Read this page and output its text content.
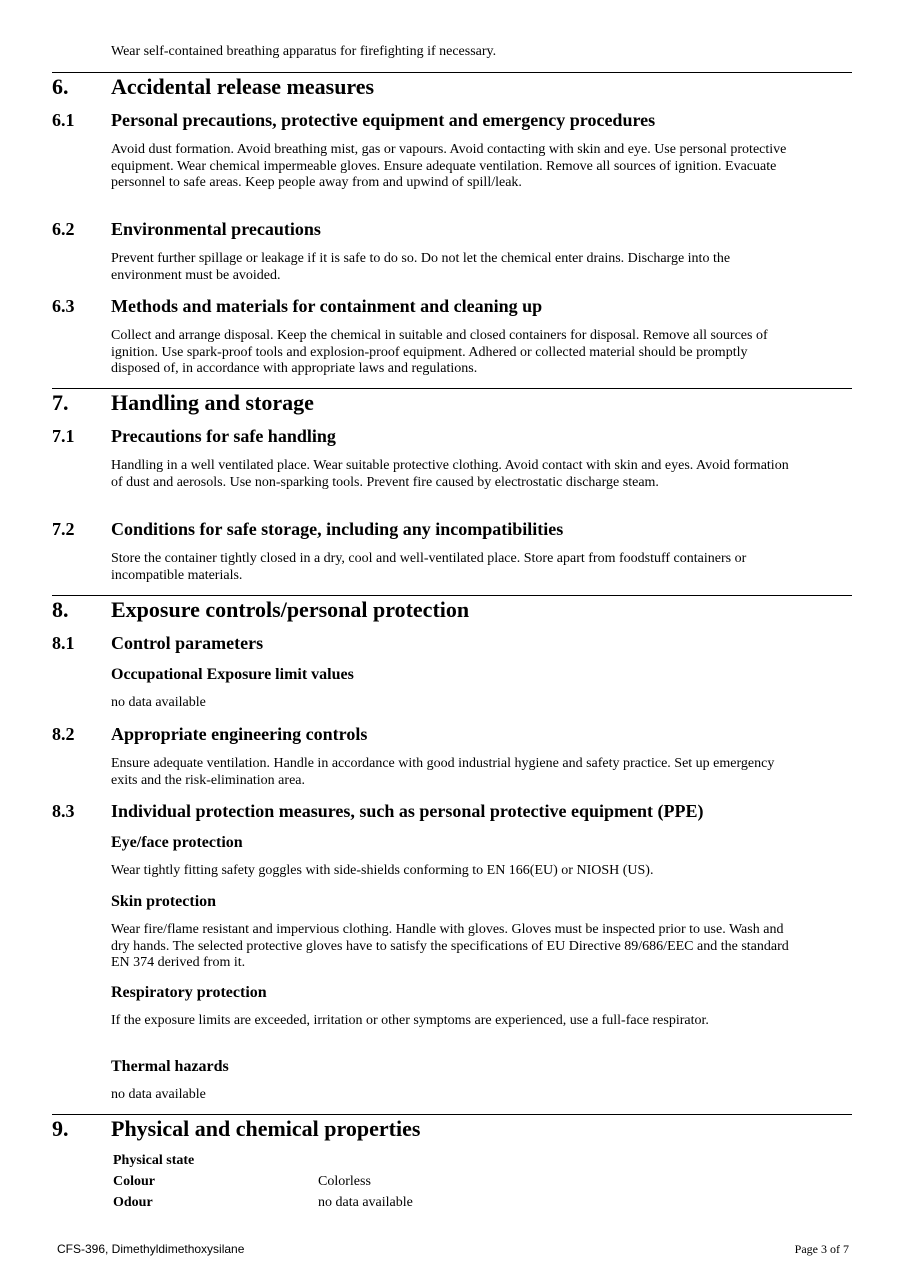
Wear self-contained breathing apparatus for firefighting if necessary.
6. Accidental release measures
6.1 Personal precautions, protective equipment and emergency procedures

Avoid dust formation. Avoid breathing mist, gas or vapours. Avoid contacting with skin and eye. Use personal protective equipment. Wear chemical impermeable gloves. Ensure adequate ventilation. Remove all sources of ignition. Evacuate personnel to safe areas. Keep people away from and upwind of spill/leak.

6.2 Environmental precautions

Prevent further spillage or leakage if it is safe to do so. Do not let the chemical enter drains. Discharge into the environment must be avoided.

6.3 Methods and materials for containment and cleaning up

Collect and arrange disposal. Keep the chemical in suitable and closed containers for disposal. Remove all sources of ignition. Use spark-proof tools and explosion-proof equipment. Adhered or collected material should be promptly disposed of, in accordance with appropriate laws and regulations.

7. Handling and storage
7.1 Precautions for safe handling

Handling in a well ventilated place. Wear suitable protective clothing. Avoid contact with skin and eyes. Avoid formation of dust and aerosols. Use non-sparking tools. Prevent fire caused by electrostatic discharge steam.

7.2 Conditions for safe storage, including any incompatibilities

Store the container tightly closed in a dry, cool and well-ventilated place. Store apart from foodstuff containers or incompatible materials.

8. Exposure controls/personal protection
8.1 Control parameters
Occupational Exposure limit values

no data available

8.2 Appropriate engineering controls

Ensure adequate ventilation. Handle in accordance with good industrial hygiene and safety practice. Set up emergency exits and the risk-elimination area.

8.3 Individual protection measures, such as personal protective equipment (PPE)
Eye/face protection

Wear tightly fitting safety goggles with side-shields conforming to EN 166(EU) or NIOSH (US).

Skin protection

Wear fire/flame resistant and impervious clothing. Handle with gloves. Gloves must be inspected prior to use. Wash and dry hands. The selected protective gloves have to satisfy the specifications of EU Directive 89/686/EEC and the standard EN 374 derived from it.

Respiratory protection

If the exposure limits are exceeded, irritation or other symptoms are experienced, use a full-face respirator.

Thermal hazards

no data available

9. Physical and chemical properties
Physical state
Colour	Colorless
Odour	no data available
CFS-396, Dimethyldimethoxysilane	Page 3 of 7
